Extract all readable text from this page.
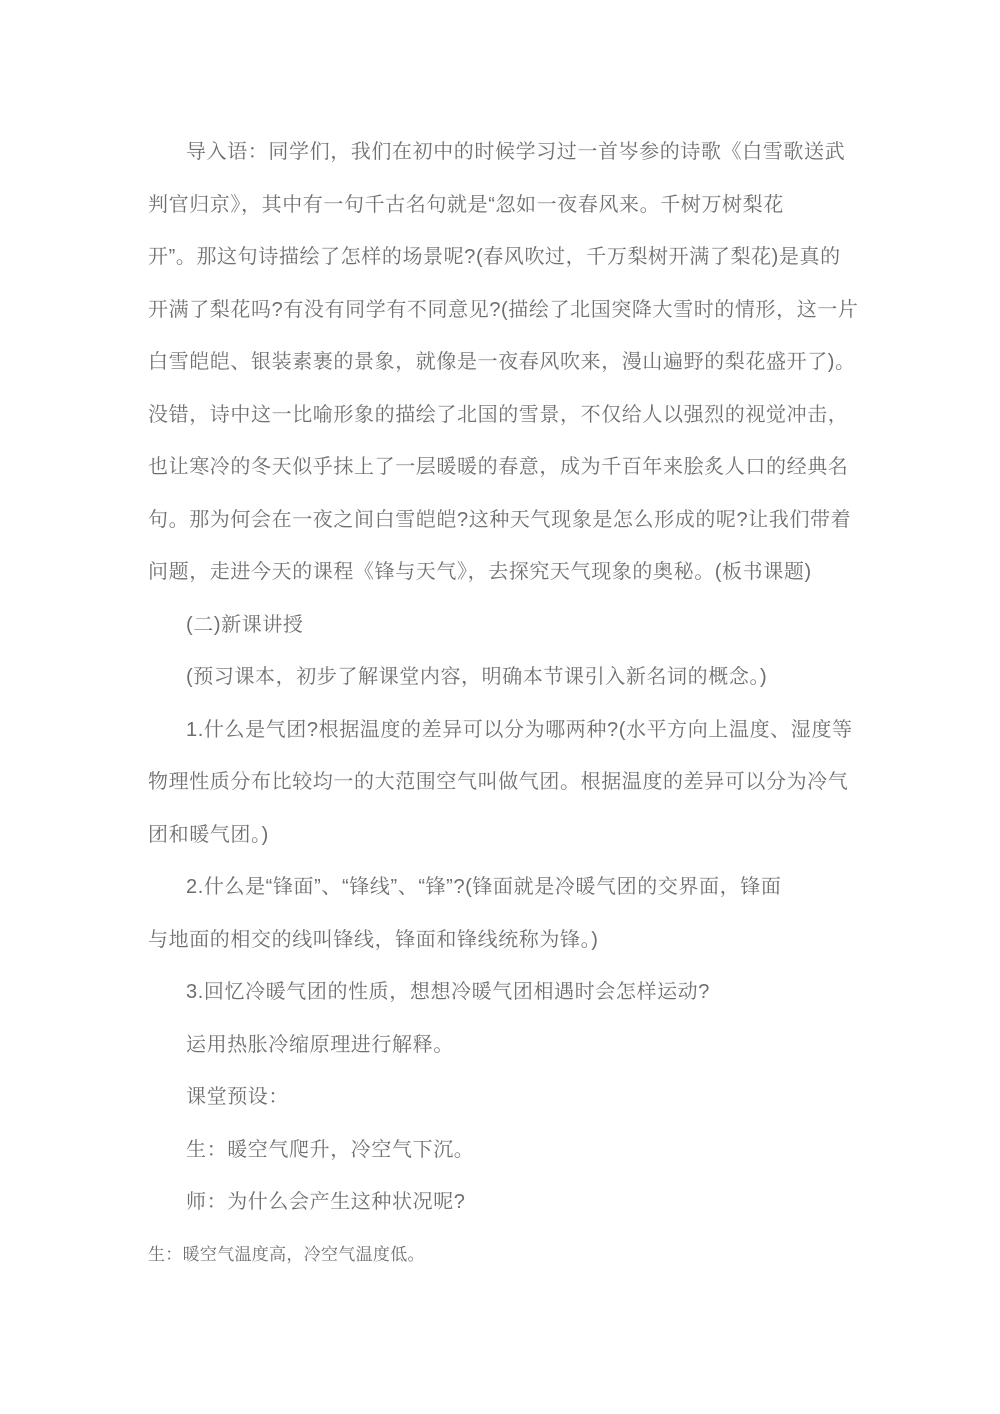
导入语：同学们，我们在初中的时候学习过一首岑参的诗歌《白雪歌送武
判官归京》，其中有一句千古名句就是“忽如一夜春风来。千树万树梨花
开”。那这句诗描绘了怎样的场景呢?(春风吹过，千万梨树开满了梨花)是真的
开满了梨花吗?有没有同学有不同意见?(描绘了北国突降大雪时的情形，这一片
白雪皑皑、银装素裹的景象，就像是一夜春风吹来，漫山遍野的梨花盛开了)。
没错，诗中这一比喻形象的描绘了北国的雪景，不仅给人以强烈的视觉冲击，
也让寒冷的冬天似乎抹上了一层暖暖的春意，成为千百年来脍炙人口的经典名
句。那为何会在一夜之间白雪皑皑?这种天气现象是怎么形成的呢?让我们带着
问题，走进今天的课程《锋与天气》，去探究天气现象的奥秘。(板书课题)
(二)新课讲授
(预习课本，初步了解课堂内容，明确本节课引入新名词的概念。)
1.什么是气团?根据温度的差异可以分为哪两种?(水平方向上温度、湿度等
物理性质分布比较均一的大范围空气叫做气团。根据温度的差异可以分为冷气
团和暖气团。)
2.什么是“锋面”、“锋线”、“锋”?(锋面就是冷暖气团的交界面，锋面
与地面的相交的线叫锋线，锋面和锋线统称为锋。)
3.回忆冷暖气团的性质，想想冷暖气团相遇时会怎样运动?
运用热胀冷缩原理进行解释。
课堂预设：
生：暖空气爬升，冷空气下沉。
师：为什么会产生这种状况呢?
生：暖空气温度高，冷空气温度低。
